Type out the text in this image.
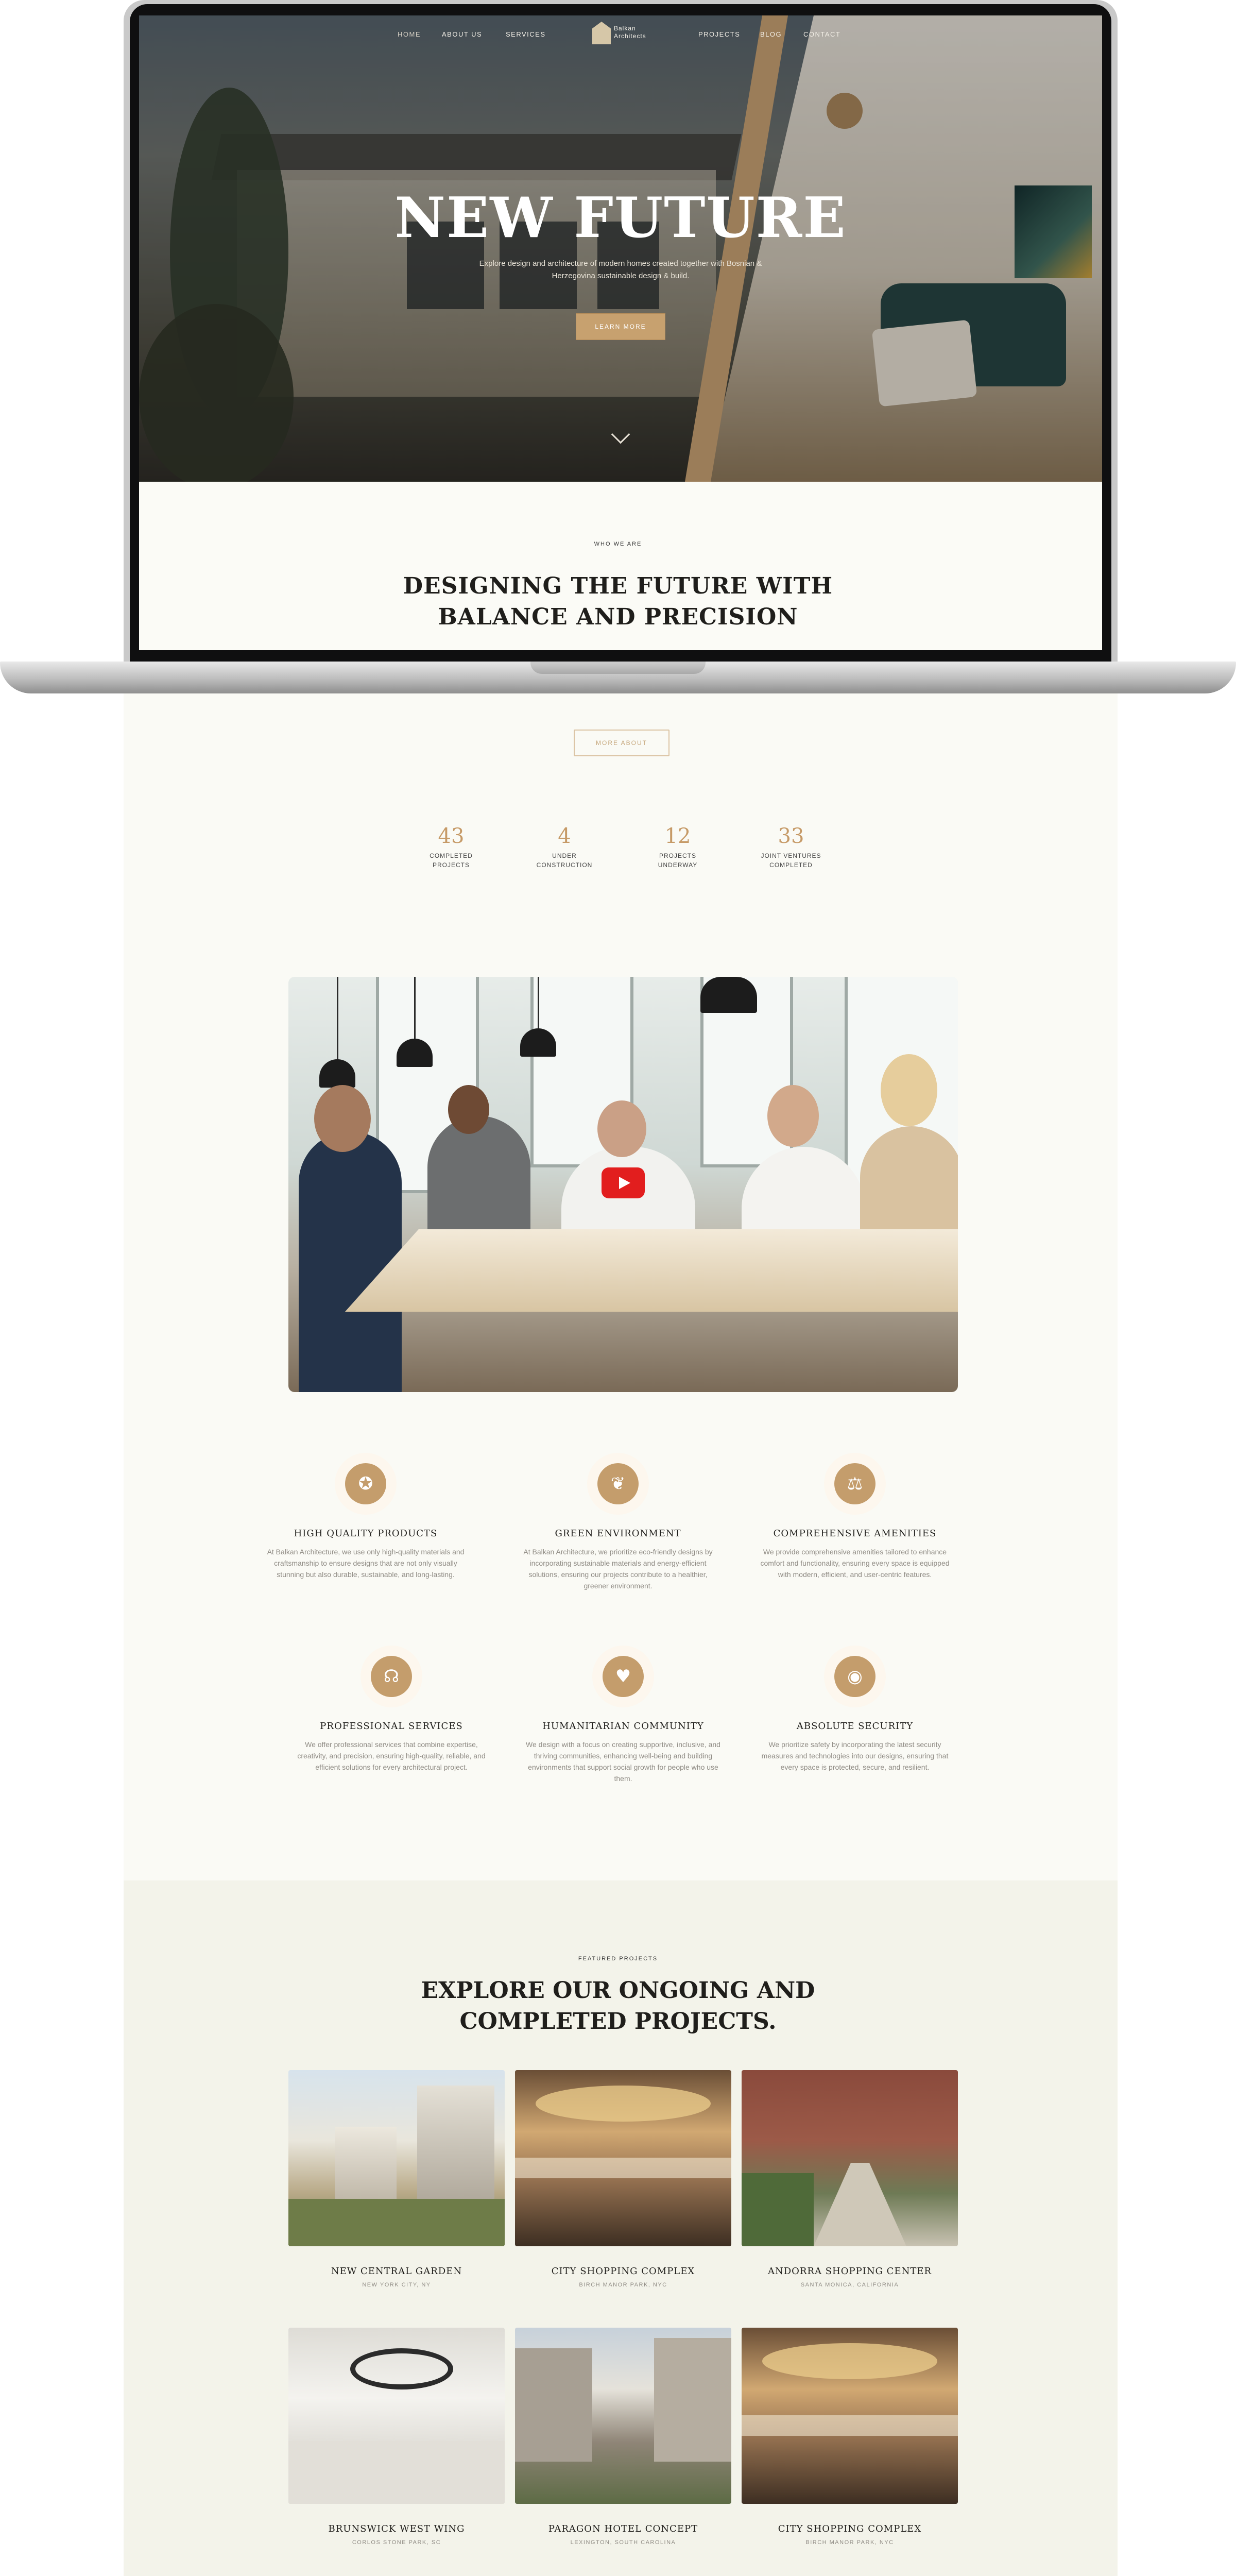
HOME	ABOUT US	SERVICES
Balkan
Architects	PROJECTS	BLOG	CONTACT
NEW FUTURE

Explore design and architecture of modern homes created together with Bosnian & Herzegovina sustainable design & build.

LEARN MORE
WHO WE ARE
DESIGNING THE FUTURE WITH BALANCE AND PRECISION
MORE ABOUT
43
COMPLETED
PROJECTS
4
UNDER
CONSTRUCTION
12
PROJECTS
UNDERWAY
33
JOINT VENTURES
COMPLETED
✪
HIGH QUALITY PRODUCTS
At Balkan Architecture, we use only high-quality materials and craftsmanship to ensure designs that are not only visually stunning but also durable, sustainable, and long-lasting.
❦
GREEN ENVIRONMENT
At Balkan Architecture, we prioritize eco-friendly designs by incorporating sustainable materials and energy-efficient solutions, ensuring our projects contribute to a healthier, greener environment.
⚖
COMPREHENSIVE AMENITIES
We provide comprehensive amenities tailored to enhance comfort and functionality, ensuring every space is equipped with modern, efficient, and user-centric features.
☊
PROFESSIONAL SERVICES
We offer professional services that combine expertise, creativity, and precision, ensuring high-quality, reliable, and efficient solutions for every architectural project.
♥
HUMANITARIAN COMMUNITY
We design with a focus on creating supportive, inclusive, and thriving communities, enhancing well-being and building environments that support social growth for people who use them.
◉
ABSOLUTE SECURITY
We prioritize safety by incorporating the latest security measures and technologies into our designs, ensuring that every space is protected, secure, and resilient.
FEATURED PROJECTS
EXPLORE OUR ONGOING AND COMPLETED PROJECTS.
NEW CENTRAL GARDEN
NEW YORK CITY, NY
CITY SHOPPING COMPLEX
BIRCH MANOR PARK, NYC
ANDORRA SHOPPING CENTER
SANTA MONICA, CALIFORNIA
BRUNSWICK WEST WING
CORLOS STONE PARK, SC
PARAGON HOTEL CONCEPT
LEXINGTON, SOUTH CAROLINA
CITY SHOPPING COMPLEX
BIRCH MANOR PARK, NYC
